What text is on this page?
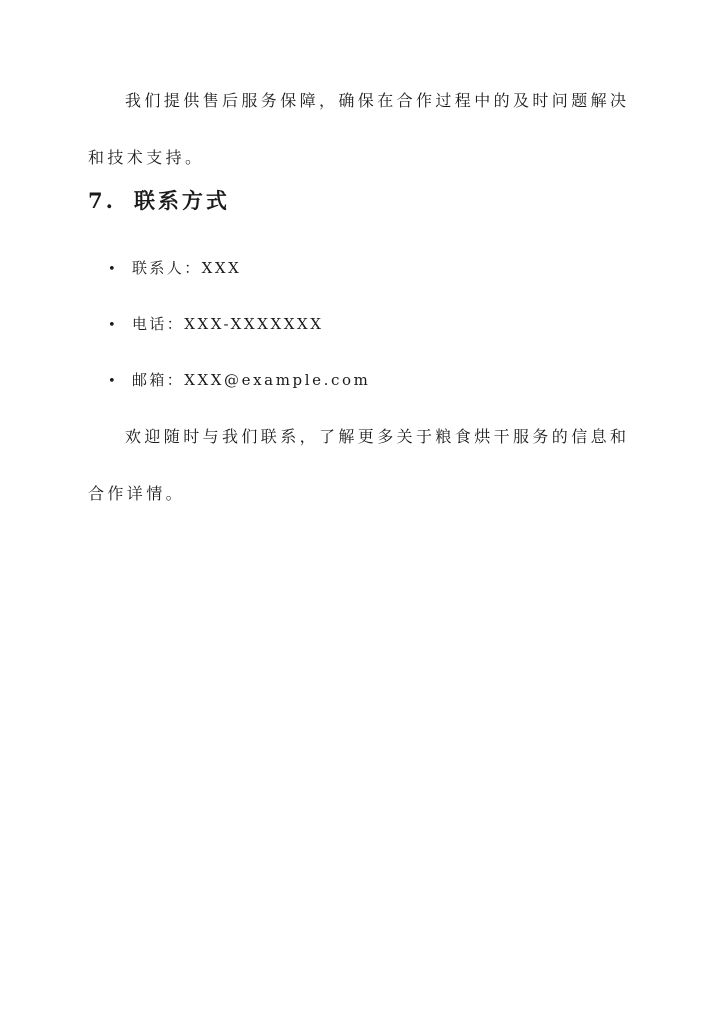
我们提供售后服务保障，确保在合作过程中的及时问题解决和技术支持。

7. 联系方式
• 联系人：XXX
• 电话：XXX-XXXXXXX
• 邮箱：XXX@example.com

欢迎随时与我们联系，了解更多关于粮食烘干服务的信息和合作详情。
